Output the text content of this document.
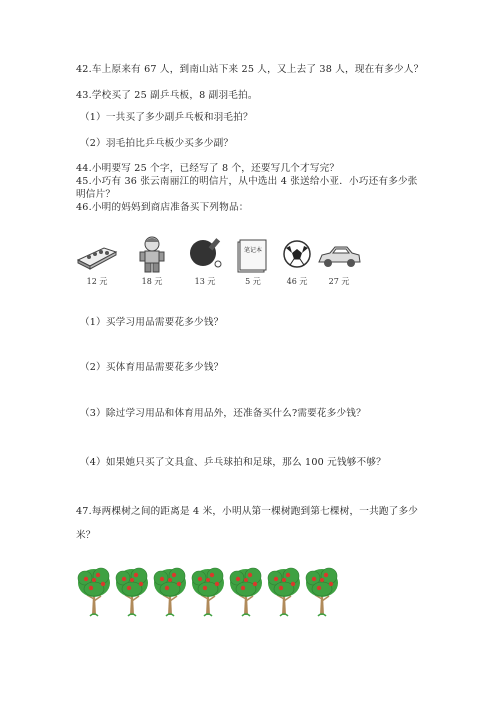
42.车上原来有 67 人，到南山站下来 25 人，又上去了 38 人，现在有多少人？
43.学校买了 25 副乒乓板，8 副羽毛拍。
（1）一共买了多少副乒乓板和羽毛拍？
（2）羽毛拍比乒乓板少买多少副？
44.小明要写 25 个字，已经写了 8 个，还要写几个才写完？
45.小巧有 36 张云南丽江的明信片，从中选出 4 张送给小亚．小巧还有多少张
明信片？
46.小明的妈妈到商店准备买下列物品：
12 元	18 元	13 元
笔记本
5 元	46 元	27 元
（1）买学习用品需要花多少钱？
（2）买体育用品需要花多少钱？
（3）除过学习用品和体育用品外，还准备买什么?需要花多少钱？
（4）如果她只买了文具盒、乒乓球拍和足球，那么 100 元钱够不够？
47.每两棵树之间的距离是 4 米，小明从第一棵树跑到第七棵树，一共跑了多少
米？
